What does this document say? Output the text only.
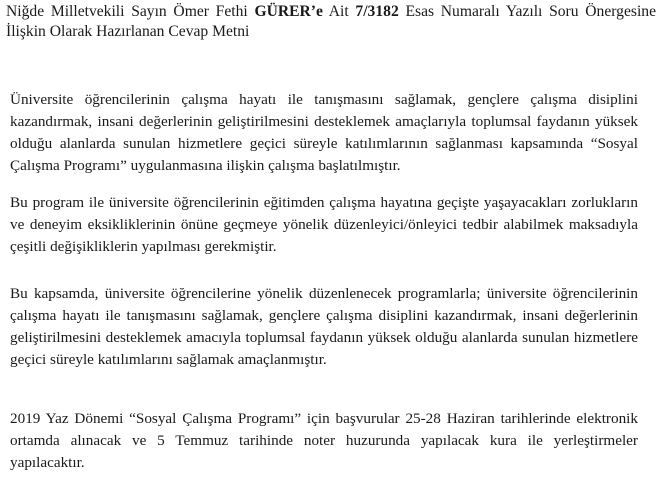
Niğde Milletvekili Sayın Ömer Fethi GÜRER’e Ait 7/3182 Esas Numaralı Yazılı Soru Önergesine İlişkin Olarak Hazırlanan Cevap Metni
Üniversite öğrencilerinin çalışma hayatı ile tanışmasını sağlamak, gençlere çalışma disiplini kazandırmak, insani değerlerinin geliştirilmesini desteklemek amaçlarıyla toplumsal faydanın yüksek olduğu alanlarda sunulan hizmetlere geçici süreyle katılımlarının sağlanması kapsamında “Sosyal Çalışma Programı” uygulanmasına ilişkin çalışma başlatılmıştır.
Bu program ile üniversite öğrencilerinin eğitimden çalışma hayatına geçişte yaşayacakları zorlukların ve deneyim eksikliklerinin önüne geçmeye yönelik düzenleyici/önleyici tedbir alabilmek maksadıyla çeşitli değişikliklerin yapılması gerekmiştir.
Bu kapsamda, üniversite öğrencilerine yönelik düzenlenecek programlarla; üniversite öğrencilerinin çalışma hayatı ile tanışmasını sağlamak, gençlere çalışma disiplini kazandırmak, insani değerlerinin geliştirilmesini desteklemek amacıyla toplumsal faydanın yüksek olduğu alanlarda sunulan hizmetlere geçici süreyle katılımlarını sağlamak amaçlanmıştır.
2019 Yaz Dönemi “Sosyal Çalışma Programı” için başvurular 25-28 Haziran tarihlerinde elektronik ortamda alınacak ve 5 Temmuz tarihinde noter huzurunda yapılacak kura ile yerleştirmeler yapılacaktır.
